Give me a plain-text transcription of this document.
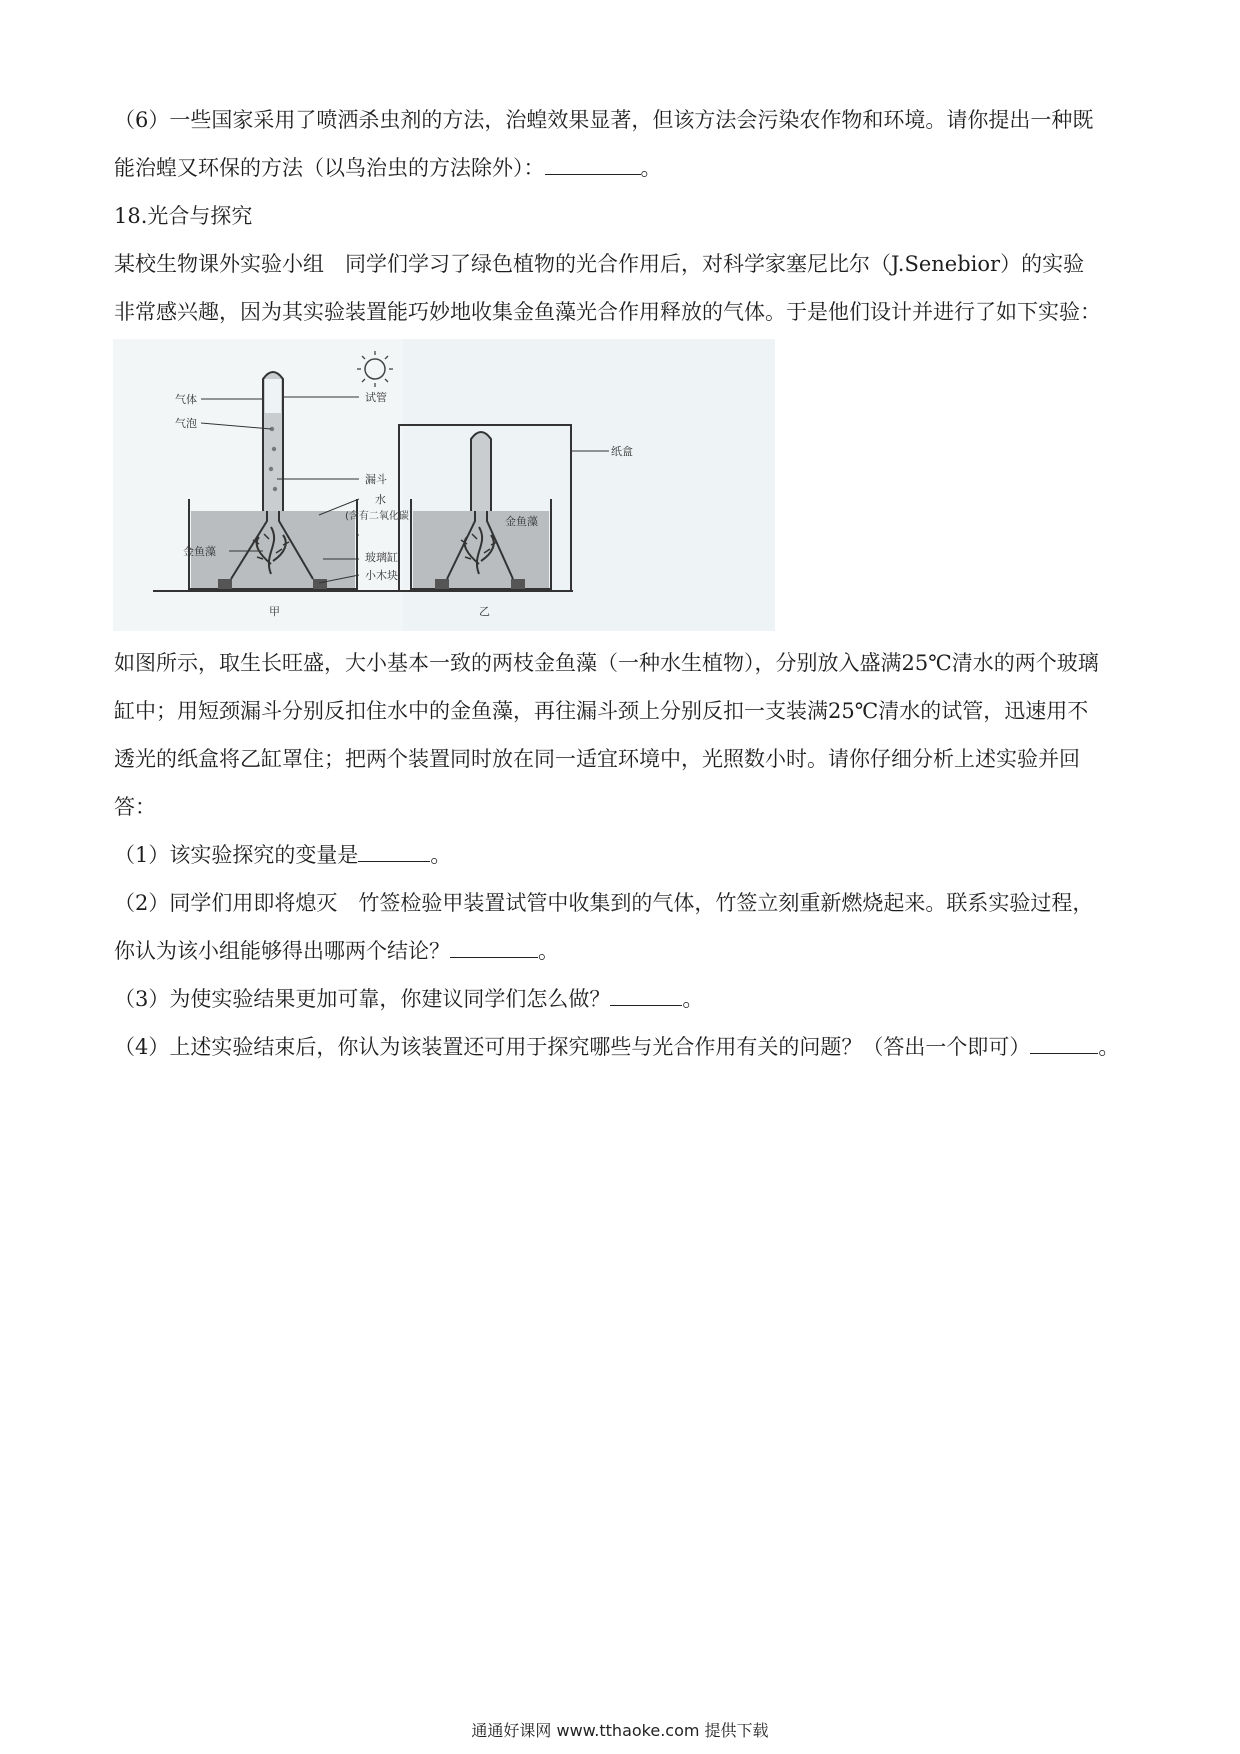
（6）一些国家采用了喷洒杀虫剂的方法，治蝗效果显著，但该方法会污染农作物和环境。请你提出一种既
能治蝗又环保的方法（以鸟治虫的方法除外）：	。
18.光合与探究
某校生物课外实验小组　同学们学习了绿色植物的光合作用后，对科学家塞尼比尔（J.Senebior）的实验
非常感兴趣，因为其实验装置能巧妙地收集金鱼藻光合作用释放的气体。于是他们设计并进行了如下实验：
气体
气泡
金鱼藻
试管
漏斗
水
(含有二氧化碳)
玻璃缸
小木块
纸盒
金鱼藻
甲	乙
如图所示，取生长旺盛，大小基本一致的两枝金鱼藻（一种水生植物），分别放入盛满25℃清水的两个玻璃
缸中；用短颈漏斗分别反扣住水中的金鱼藻，再往漏斗颈上分别反扣一支装满25℃清水的试管，迅速用不
透光的纸盒将乙缸罩住；把两个装置同时放在同一适宜环境中，光照数小时。请你仔细分析上述实验并回
答：
（1）该实验探究的变量是	。
（2）同学们用即将熄灭　竹签检验甲装置试管中收集到的气体，竹签立刻重新燃烧起来。联系实验过程，
你认为该小组能够得出哪两个结论？	。
（3）为使实验结果更加可靠，你建议同学们怎么做？	。
（4）上述实验结束后，你认为该装置还可用于探究哪些与光合作用有关的问题？（答出一个即可）	。
通通好课网 www.tthaoke.com 提供下载
